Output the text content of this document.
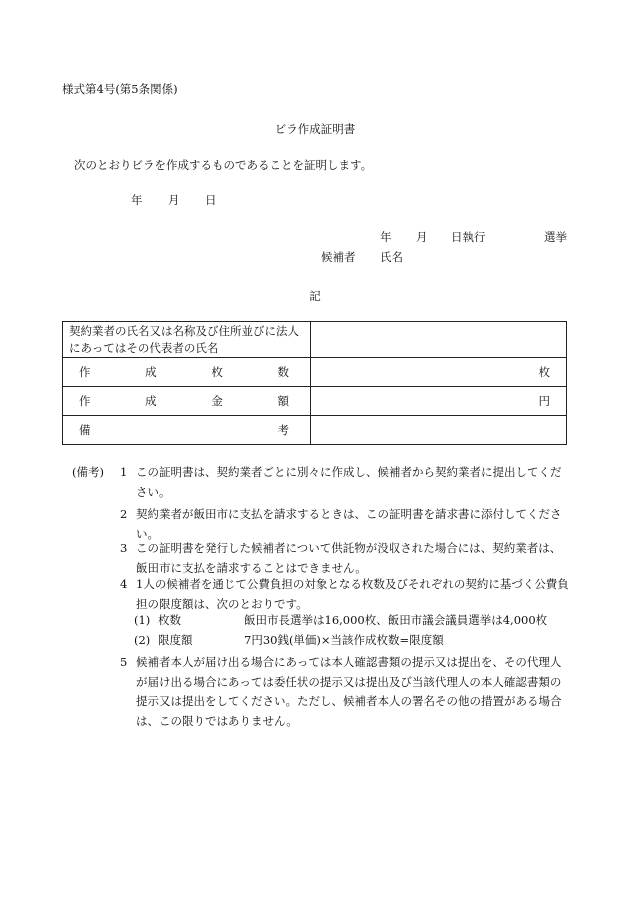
様式第4号(第5条関係)
ビラ作成証明書
次のとおりビラを作成するものであることを証明します。
年 月 日
年 月 日執行	選挙
候補者 氏名
記
契約業者の氏名又は名称及び住所並びに法人にあってはその代表者の氏名	

作 成 枚 数	枚

作 成 金 額	円

備 考	

(備考) 1 この証明書は、契約業者ごとに別々に作成し、候補者から契約業者に提出してください。
2 契約業者が飯田市に支払を請求するときは、この証明書を請求書に添付してください。
3 この証明書を発行した候補者について供託物が没収された場合には、契約業者は、飯田市に支払を請求することはできません。
4 1人の候補者を通じて公費負担の対象となる枚数及びそれぞれの契約に基づく公費負担の限度額は、次のとおりです。
(1) 枚数	飯田市長選挙は16,000枚、飯田市議会議員選挙は4,000枚
(2) 限度額	7円30銭(単価)×当該作成枚数=限度額
5 候補者本人が届け出る場合にあっては本人確認書類の提示又は提出を、その代理人が届け出る場合にあっては委任状の提示又は提出及び当該代理人の本人確認書類の提示又は提出をしてください。ただし、候補者本人の署名その他の措置がある場合は、この限りではありません。
